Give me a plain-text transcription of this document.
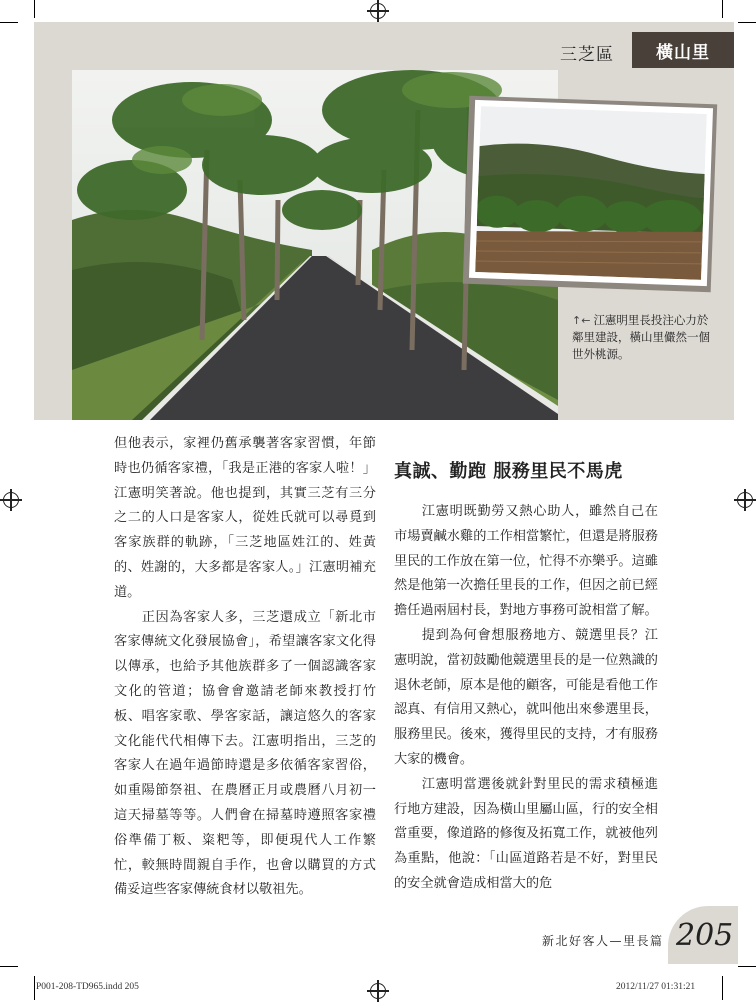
三芝區	橫山里
↑← 江憲明里長投注心力於鄰里建設，橫山里儼然一個世外桃源。

但他表示，家裡仍舊承襲著客家習慣，年節時也仍循客家禮，「我是正港的客家人啦！」江憲明笑著說。他也提到，其實三芝有三分之二的人口是客家人，從姓氏就可以尋覓到客家族群的軌跡，「三芝地區姓江的、姓黃的、姓謝的，大多都是客家人。」江憲明補充道。

正因為客家人多，三芝還成立「新北市客家傳統文化發展協會」，希望讓客家文化得以傳承，也給予其他族群多了一個認識客家文化的管道；協會會邀請老師來教授打竹板、唱客家歌、學客家話，讓這悠久的客家文化能代代相傳下去。江憲明指出，三芝的客家人在過年過節時還是多依循客家習俗，如重陽節祭祖、在農曆正月或農曆八月初一這天掃墓等等。人們會在掃墓時遵照客家禮俗準備丁粄、粢粑等，即便現代人工作繁忙，較無時間親自手作，也會以購買的方式備妥這些客家傳統食材以敬祖先。

真誠、勤跑 服務里民不馬虎

江憲明既勤勞又熱心助人，雖然自己在市場賣鹹水雞的工作相當繁忙，但還是將服務里民的工作放在第一位，忙得不亦樂乎。這雖然是他第一次擔任里長的工作，但因之前已經擔任過兩屆村長，對地方事務可說相當了解。

提到為何會想服務地方、競選里長？江憲明說，當初鼓勵他競選里長的是一位熟識的退休老師，原本是他的顧客，可能是看他工作認真、有信用又熱心，就叫他出來參選里長，服務里民。後來，獲得里民的支持，才有服務大家的機會。

江憲明當選後就針對里民的需求積極進行地方建設，因為橫山里屬山區，行的安全相當重要，像道路的修復及拓寬工作，就被他列為重點，他說：「山區道路若是不好，對里民的安全就會造成相當大的危

新北好客人—里長篇 205
P001-208-TD965.indd 205	2012/11/27 01:31:21
